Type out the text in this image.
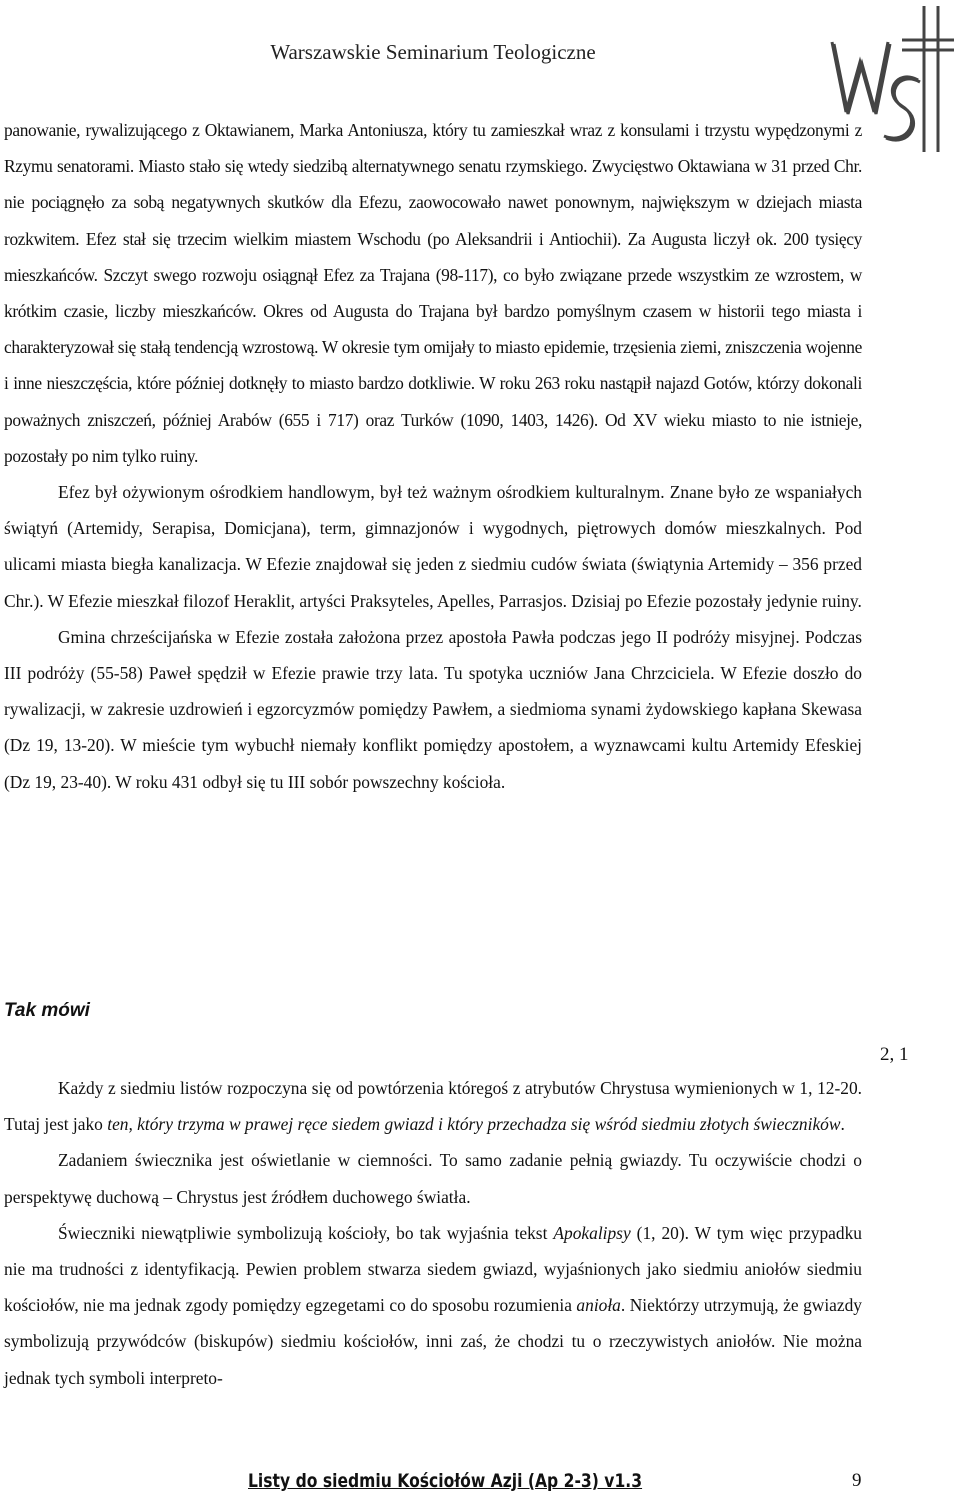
Warszawskie Seminarium Teologiczne

panowanie, rywalizującego z Oktawianem, Marka Antoniusza, który tu zamieszkał wraz z konsulami i trzystu wypędzonymi z Rzymu senatorami. Miasto stało się wtedy siedzibą alternatywnego senatu rzymskiego. Zwycięstwo Oktawiana w 31 przed Chr. nie pociągnęło za sobą negatywnych skutków dla Efezu, zaowocowało nawet ponownym, największym w dziejach miasta rozkwitem. Efez stał się trzecim wielkim miastem Wschodu (po Aleksandrii i Antiochii). Za Augusta liczył ok. 200 tysięcy mieszkańców. Szczyt swego rozwoju osiągnął Efez za Trajana (98-117), co było związane przede wszystkim ze wzrostem, w krótkim czasie, liczby mieszkańców. Okres od Augusta do Trajana był bardzo pomyślnym czasem w historii tego miasta i charakteryzował się stałą tendencją wzrostową. W okresie tym omijały to miasto epidemie, trzęsienia ziemi, zniszczenia wojenne i inne nieszczęścia, które później dotknęły to miasto bardzo dotkliwie. W roku 263 roku nastąpił najazd Gotów, którzy dokonali poważnych zniszczeń, później Arabów (655 i 717) oraz Turków (1090, 1403, 1426). Od XV wieku miasto to nie istnieje, pozostały po nim tylko ruiny.

Efez był ożywionym ośrodkiem handlowym, był też ważnym ośrodkiem kulturalnym. Znane było ze wspaniałych świątyń (Artemidy, Serapisa, Domicjana), term, gimnazjonów i wygodnych, piętrowych domów mieszkalnych. Pod ulicami miasta biegła kanalizacja. W Efezie znajdował się jeden z siedmiu cudów świata (świątynia Artemidy – 356 przed Chr.). W Efezie mieszkał filozof Heraklit, artyści Praksyteles, Apelles, Parrasjos. Dzisiaj po Efezie pozostały jedynie ruiny.

Gmina chrześcijańska w Efezie została założona przez apostoła Pawła podczas jego II podróży misyjnej. Podczas III podróży (55-58) Paweł spędził w Efezie prawie trzy lata. Tu spotyka uczniów Jana Chrzciciela. W Efezie doszło do rywalizacji, w zakresie uzdrowień i egzorcyzmów pomiędzy Pawłem, a siedmioma synami żydowskiego kapłana Skewasa (Dz 19, 13-20). W mieście tym wybuchł niemały konflikt pomiędzy apostołem, a wyznawcami kultu Artemidy Efeskiej (Dz 19, 23-40). W roku 431 odbył się tu III sobór powszechny kościoła.

Tak mówi
2, 1

Każdy z siedmiu listów rozpoczyna się od powtórzenia któregoś z atrybutów Chrystusa wymienionych w 1, 12-20. Tutaj jest jako ten, który trzyma w prawej ręce siedem gwiazd i który przechadza się wśród siedmiu złotych świeczników.

Zadaniem świecznika jest oświetlanie w ciemności. To samo zadanie pełnią gwiazdy. Tu oczywiście chodzi o perspektywę duchową – Chrystus jest źródłem duchowego światła.

Świeczniki niewątpliwie symbolizują kościoły, bo tak wyjaśnia tekst Apokalipsy (1, 20). W tym więc przypadku nie ma trudności z identyfikacją. Pewien problem stwarza siedem gwiazd, wyjaśnionych jako siedmiu aniołów siedmiu kościołów, nie ma jednak zgody pomiędzy egzegetami co do sposobu rozumienia anioła. Niektórzy utrzymują, że gwiazdy symbolizują przywódców (biskupów) siedmiu kościołów, inni zaś, że chodzi tu o rzeczywistych aniołów. Nie można jednak tych symboli interpreto-

Listy do siedmiu Kościołów Azji (Ap 2-3) v1.3	9
